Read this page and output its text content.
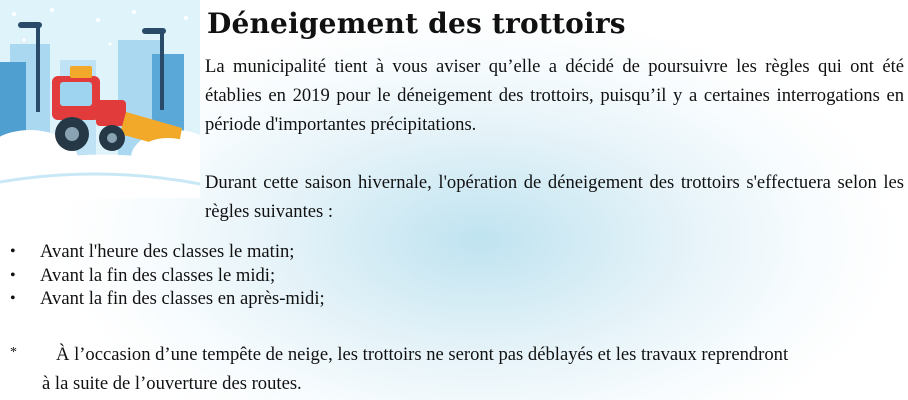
Déneigement des trottoirs

La municipalité tient à vous aviser qu’elle a décidé de poursuivre les règles qui ont été établies en 2019 pour le déneigement des trottoirs, puisqu’il y a certaines interrogations en période d'importantes précipitations.

Durant cette saison hivernale, l'opération de déneigement des trottoirs s'effectuera selon les règles suivantes :

• Avant l'heure des classes le matin;
• Avant la fin des classes le midi;
• Avant la fin des classes en après-midi;
* À l’occasion d’une tempête de neige, les trottoirs ne seront pas déblayés et les travaux reprendront

à la suite de l’ouverture des routes.
